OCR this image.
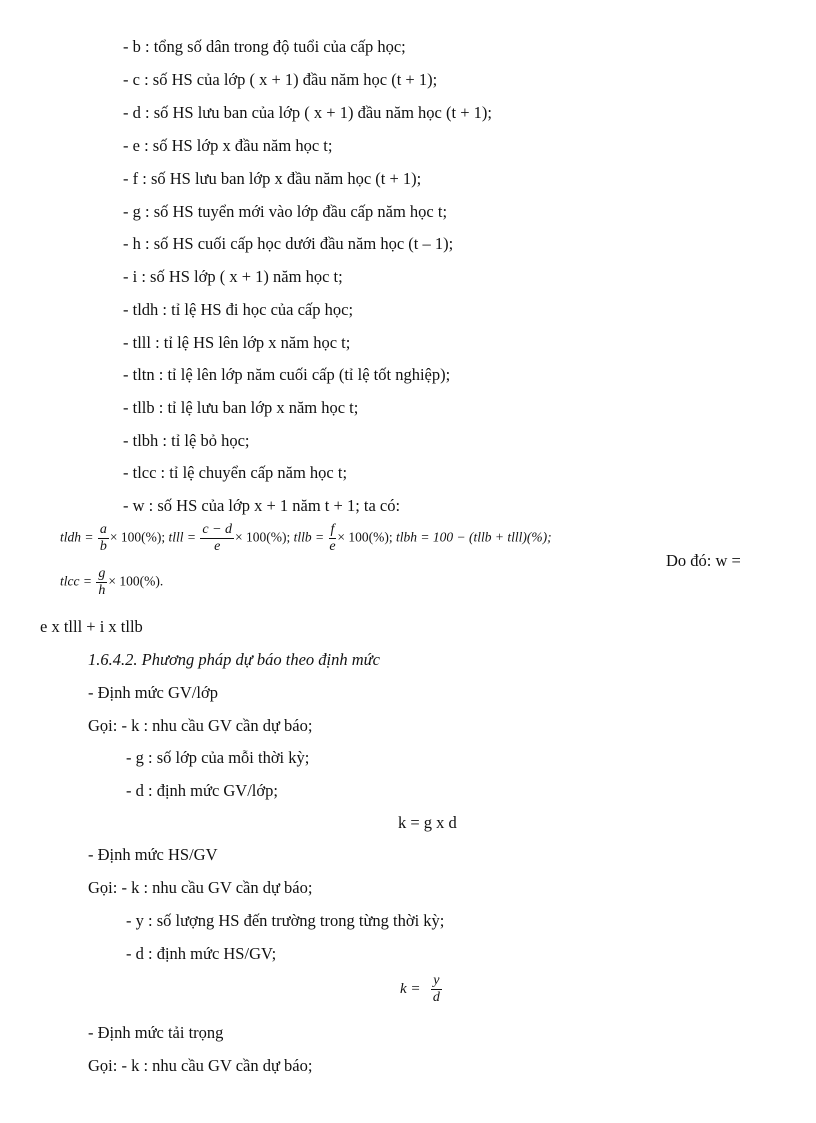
- b : tổng số dân trong độ tuổi của cấp học;
- c : số HS của lớp ( x + 1) đầu năm học (t + 1);
- d : số HS lưu ban của lớp ( x + 1) đầu năm học (t + 1);
- e : số HS lớp x đầu năm học t;
- f : số HS lưu ban lớp x đầu năm học (t + 1);
- g : số HS tuyển mới vào lớp đầu cấp năm học t;
- h : số HS cuối cấp học dưới đầu năm học (t – 1);
- i : số HS lớp ( x + 1) năm học t;
- tldh : tỉ lệ HS đi học của cấp học;
- tlll : tỉ lệ HS lên lớp x năm học t;
- tltn : tỉ lệ lên lớp năm cuối cấp (tỉ lệ tốt nghiệp);
- tllb : tỉ lệ lưu ban lớp x năm học t;
- tlbh : tỉ lệ bỏ học;
- tlcc : tỉ lệ chuyển cấp năm học t;
- w : số HS của lớp x + 1 năm t + 1; ta có:
tldh = $\frac{a}{b} \times 100(\%)$; tlll = $\frac{c - d}{e} \times 100(\%)$; tllb = $\frac{f}{e} \times 100(\%)$; tlbh = 100 − (tllb + tlll)(%);
Do đó: w =
tlcc = $\frac{g}{h} \times 100(\%)$.
e x tlll + i x tllb
1.6.4.2. Phương pháp dự báo theo định mức
- Định mức GV/lớp
Gọi: - k : nhu cầu GV cần dự báo;
- g : số lớp của mỗi thời kỳ;
- d : định mức GV/lớp;
k = g x d
- Định mức HS/GV
Gọi: - k : nhu cầu GV cần dự báo;
- y : số lượng HS đến trường trong từng thời kỳ;
- d : định mức HS/GV;
$k = \frac{y}{d}$
- Định mức tải trọng
Gọi: - k : nhu cầu GV cần dự báo;
